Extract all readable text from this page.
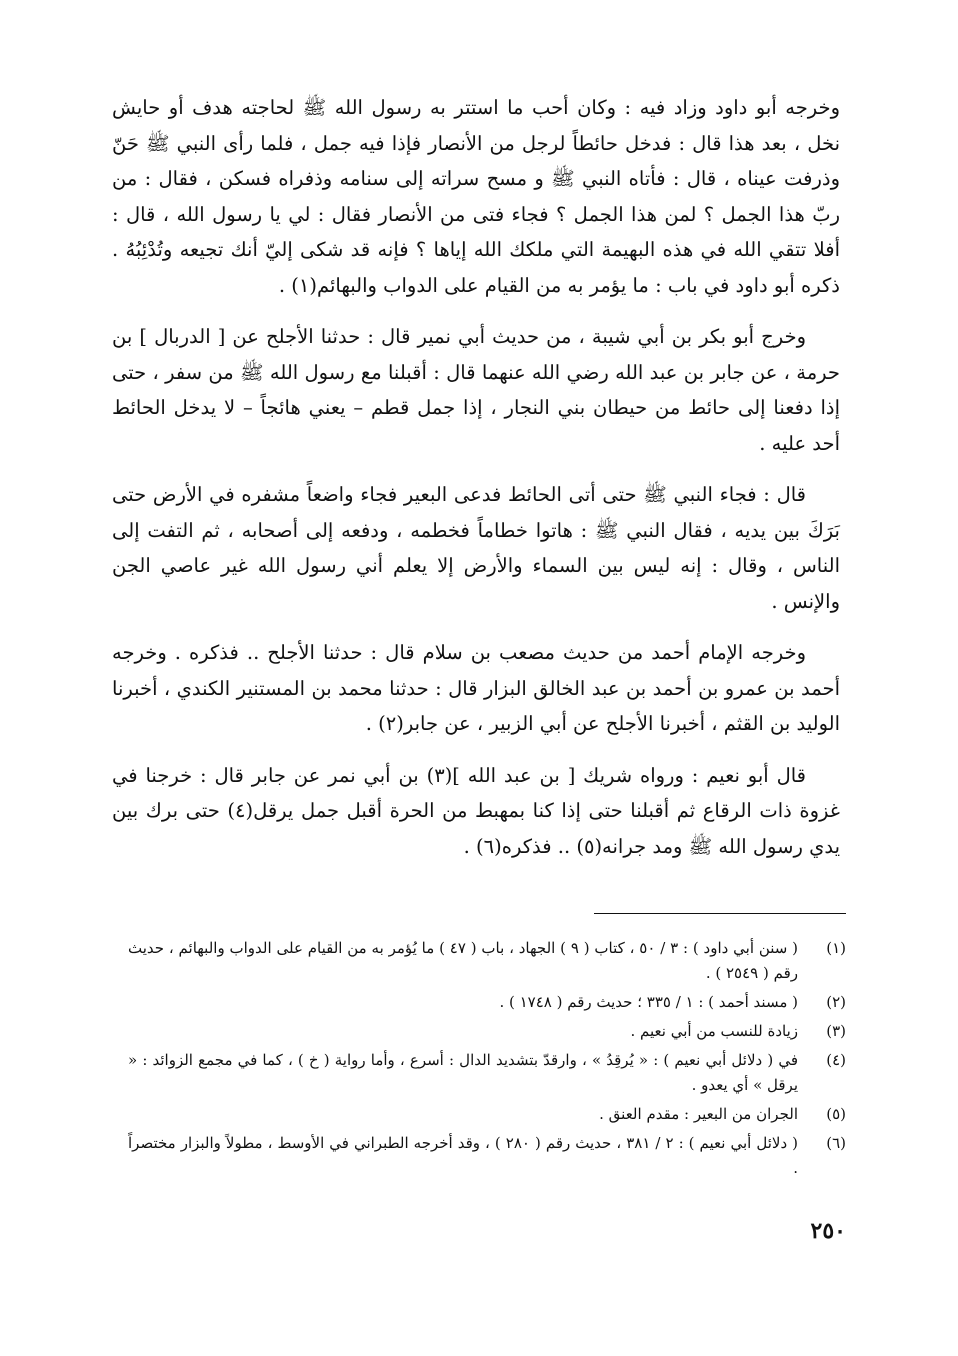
وخرجه أبو داود وزاد فيه : وكان أحب ما استتر به رسول الله ﷺ لحاجته هدف أو حايش نخل ، بعد هذا قال : فدخل حائطاً لرجل من الأنصار فإذا فيه جمل ، فلما رأى النبي ﷺ حَنّ وذرفت عيناه ، قال : فأتاه النبي ﷺ و مسح سراته إلى سنامه وذفراه فسكن ، فقال : من ربّ هذا الجمل ؟ لمن هذا الجمل ؟ فجاء فتى من الأنصار فقال : لي يا رسول الله ، قال : أفلا تتقي الله في هذه البهيمة التي ملكك الله إياها ؟ فإنه قد شكى إليّ أنك تجيعه وتُدْئِبُهُ . ذكره أبو داود في باب : ما يؤمر به من القيام على الدواب والبهائم(١) .

وخرج أبو بكر بن أبي شيبة ، من حديث أبي نمير قال : حدثنا الأجلح عن [ الدربال ] بن حرمة ، عن جابر بن عبد الله رضي الله عنهما قال : أقبلنا مع رسول الله ﷺ من سفر ، حتى إذا دفعنا إلى حائط من حيطان بني النجار ، إذا جمل قطم – يعني هائجاً – لا يدخل الحائط أحد عليه .

قال : فجاء النبي ﷺ حتى أتى الحائط فدعى البعير فجاء واضعاً مشفره في الأرض حتى بَرَكَ بين يديه ، فقال النبي ﷺ : هاتوا خطاماً فخطمه ، ودفعه إلى أصحابه ، ثم التفت إلى الناس ، وقال : إنه ليس بين السماء والأرض إلا يعلم أني رسول الله غير عاصي الجن والإنس .

وخرجه الإمام أحمد من حديث مصعب بن سلام قال : حدثنا الأجلح .. فذكره . وخرجه أحمد بن عمرو بن أحمد بن عبد الخالق البزار قال : حدثنا محمد بن المستنير الكندي ، أخبرنا الوليد بن القثم ، أخبرنا الأجلح عن أبي الزبير ، عن جابر(٢) .

قال أبو نعيم : ورواه شريك [ بن عبد الله ](٣) بن أبي نمر عن جابر قال : خرجنا في غزوة ذات الرقاع ثم أقبلنا حتى إذا كنا بمهبط من الحرة أقبل جمل يرقل(٤) حتى برك بين يدي رسول الله ﷺ ومد جرانه(٥) .. فذكره(٦) .

(١)
( سنن أبي داود ) : ٣ / ٥٠ ، كتاب ( ٩ ) الجهاد ، باب ( ٤٧ ) ما يُؤمر به من القيام على الدواب والبهائم ، حديث رقم ( ٢٥٤٩ ) .
(٢)
( مسند أحمد ) : ١ / ٣٣٥ ؛ حديث رقم ( ١٧٤٨ ) .
(٣)
زيادة للنسب من أبي نعيم .
(٤)
في ( دلائل أبي نعيم ) : « يُرقِدُ » ، وارقدّ بتشديد الدال : أسرع ، وأما رواية ( خ ) ، كما في مجمع الزوائد : « يرقل » أي يعدو .
(٥)
الجران من البعير : مقدم العنق .
(٦)
( دلائل أبي نعيم ) : ٢ / ٣٨١ ، حديث رقم ( ٢٨٠ ) ، وقد أخرجه الطبراني في الأوسط ، مطولاً والبزار مختصراً .
٢٥٠
